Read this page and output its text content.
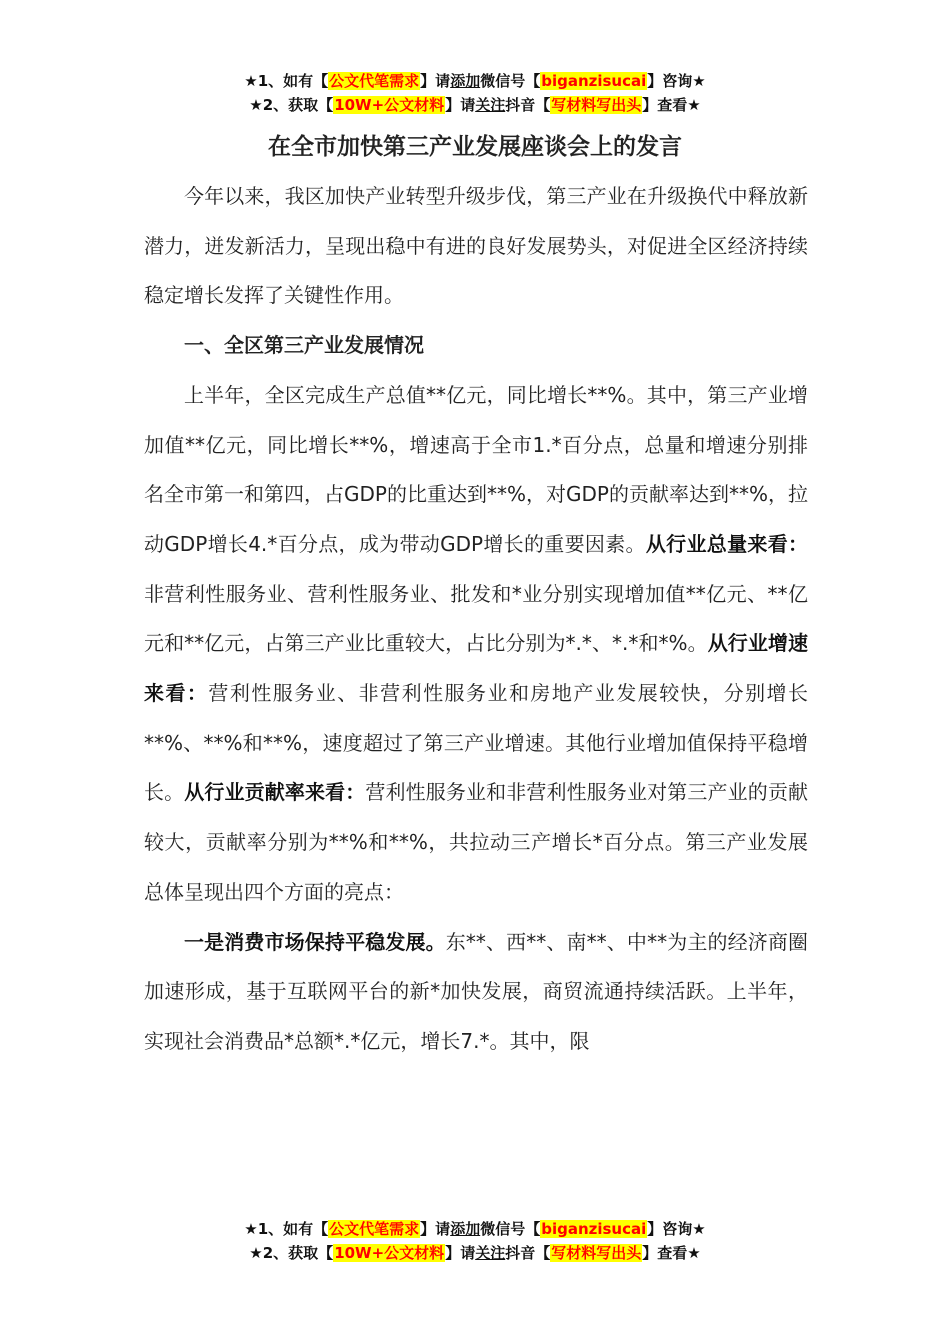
★1、如有【公文代笔需求】请添加微信号【biganzisucai】咨询★
★2、获取【10W+公文材料】请关注抖音【写材料写出头】查看★
在全市加快第三产业发展座谈会上的发言

今年以来，我区加快产业转型升级步伐，第三产业在升级换代中释放新潜力，迸发新活力，呈现出稳中有进的良好发展势头，对促进全区经济持续稳定增长发挥了关键性作用。

一、全区第三产业发展情况

上半年，全区完成生产总值**亿元，同比增长**%。其中，第三产业增加值**亿元，同比增长**%，增速高于全市1.*百分点，总量和增速分别排名全市第一和第四，占GDP的比重达到**%，对GDP的贡献率达到**%，拉动GDP增长4.*百分点，成为带动GDP增长的重要因素。从行业总量来看：非营利性服务业、营利性服务业、批发和*业分别实现增加值**亿元、**亿元和**亿元，占第三产业比重较大，占比分别为*.*、*.*和*%。从行业增速来看：营利性服务业、非营利性服务业和房地产业发展较快，分别增长**%、**%和**%，速度超过了第三产业增速。其他行业增加值保持平稳增长。从行业贡献率来看：营利性服务业和非营利性服务业对第三产业的贡献较大，贡献率分别为**%和**%，共拉动三产增长*百分点。第三产业发展总体呈现出四个方面的亮点：

一是消费市场保持平稳发展。东**、西**、南**、中**为主的经济商圈加速形成，基于互联网平台的新*加快发展，商贸流通持续活跃。上半年，实现社会消费品*总额*.*亿元，增长7.*。其中，限

★1、如有【公文代笔需求】请添加微信号【biganzisucai】咨询★
★2、获取【10W+公文材料】请关注抖音【写材料写出头】查看★
